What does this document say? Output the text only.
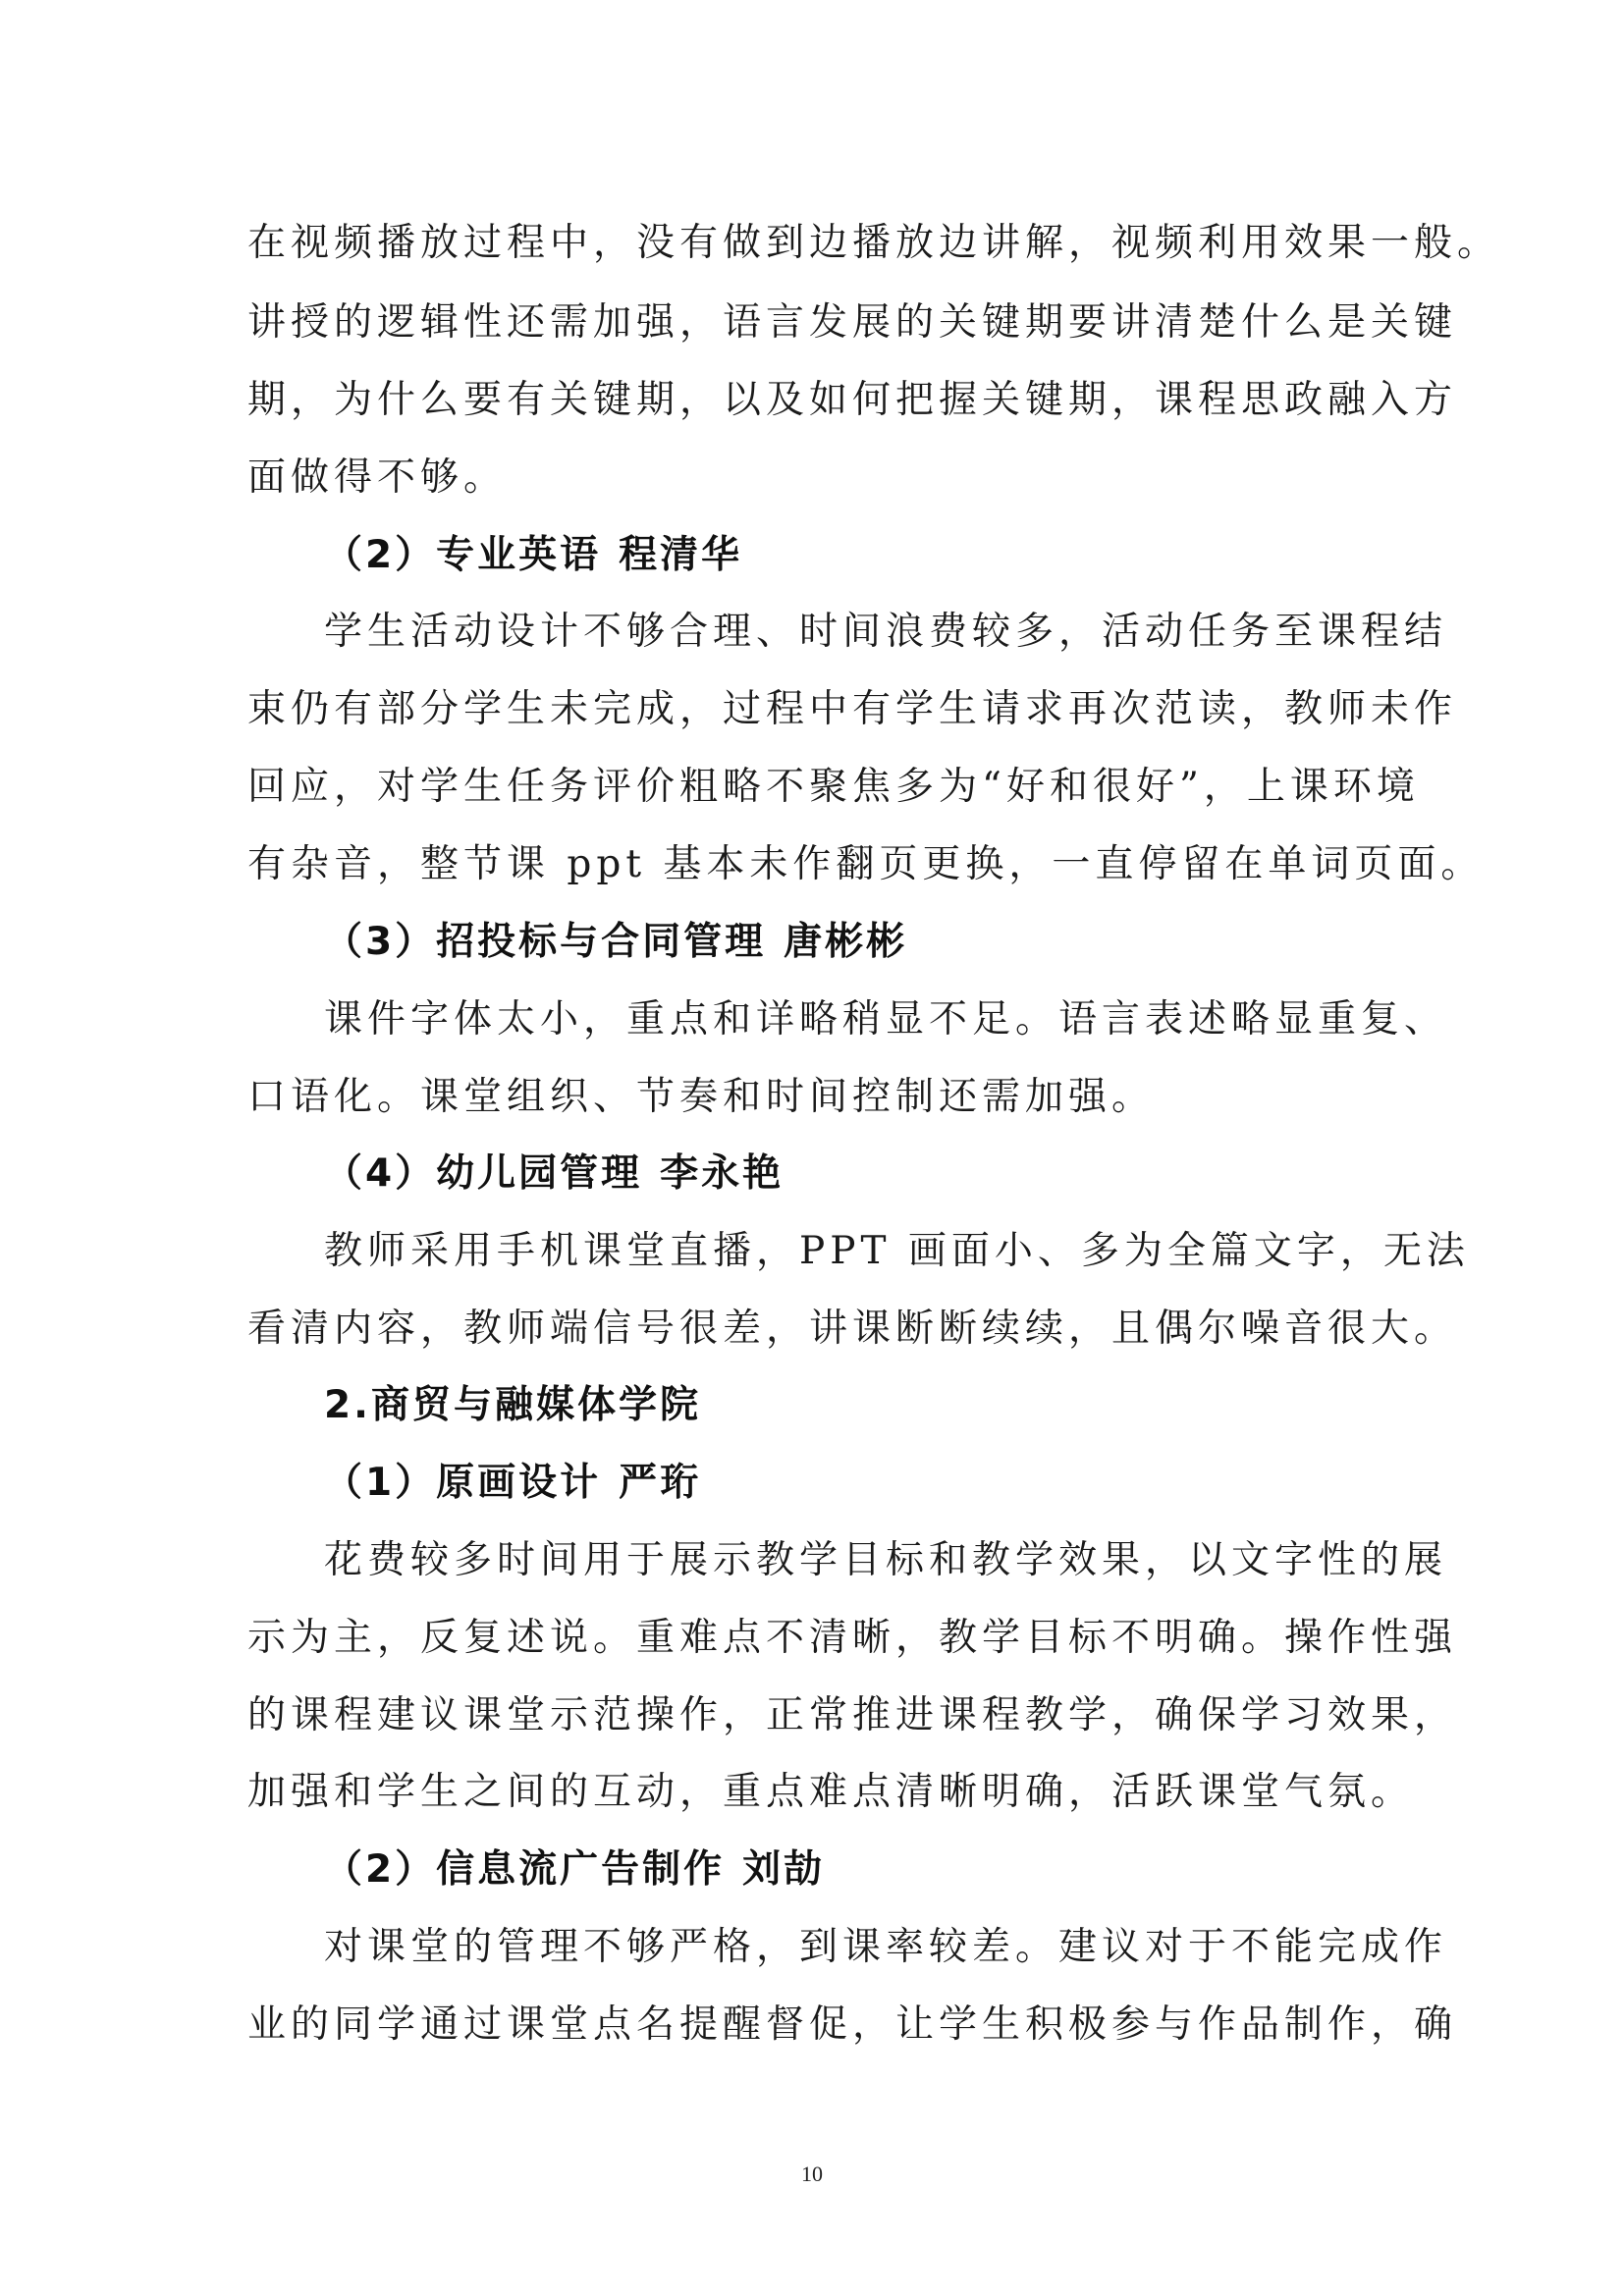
在视频播放过程中，没有做到边播放边讲解，视频利用效果一般。
讲授的逻辑性还需加强，语言发展的关键期要讲清楚什么是关键
期，为什么要有关键期，以及如何把握关键期，课程思政融入方
面做得不够。
（2）专业英语 程清华
学生活动设计不够合理、时间浪费较多，活动任务至课程结
束仍有部分学生未完成，过程中有学生请求再次范读，教师未作
回应，对学生任务评价粗略不聚焦多为“好和很好”，上课环境
有杂音，整节课 ppt 基本未作翻页更换，一直停留在单词页面。
（3）招投标与合同管理 唐彬彬
课件字体太小，重点和详略稍显不足。语言表述略显重复、
口语化。课堂组织、节奏和时间控制还需加强。
（4）幼儿园管理 李永艳
教师采用手机课堂直播，PPT 画面小、多为全篇文字，无法
看清内容，教师端信号很差，讲课断断续续，且偶尔噪音很大。
2.商贸与融媒体学院
（1）原画设计 严珩
花费较多时间用于展示教学目标和教学效果，以文字性的展
示为主，反复述说。重难点不清晰，教学目标不明确。操作性强
的课程建议课堂示范操作，正常推进课程教学，确保学习效果，
加强和学生之间的互动，重点难点清晰明确，活跃课堂气氛。
（2）信息流广告制作 刘劼
对课堂的管理不够严格，到课率较差。建议对于不能完成作
业的同学通过课堂点名提醒督促，让学生积极参与作品制作，确
10
